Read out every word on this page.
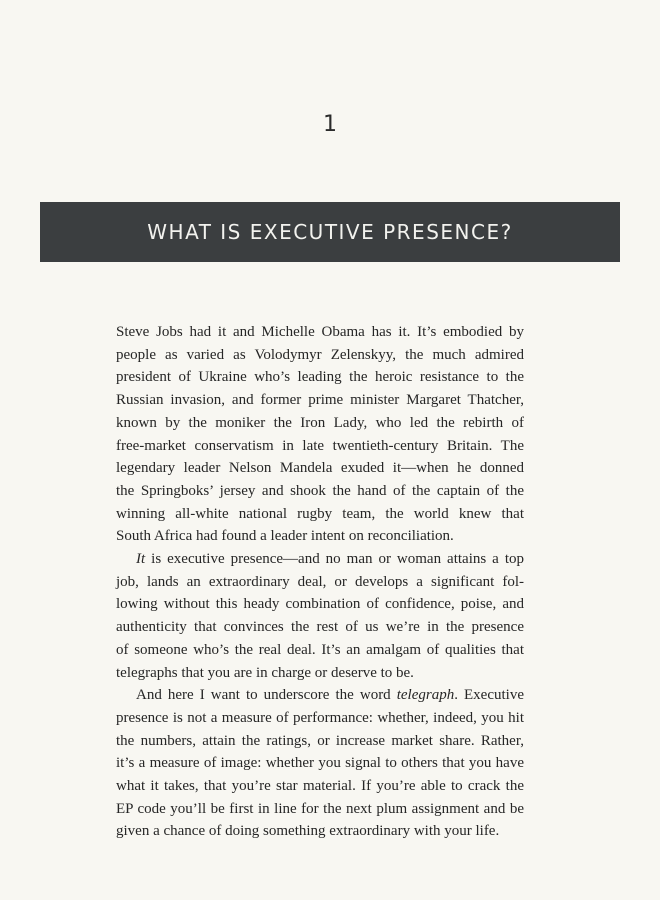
1
WHAT IS EXECUTIVE PRESENCE?

Steve Jobs had it and Michelle Obama has it. It’s embodied by
people as varied as Volodymyr Zelenskyy, the much admired
president of Ukraine who’s leading the heroic resistance to the
Russian invasion, and former prime minister Margaret Thatcher,
known by the moniker the Iron Lady, who led the rebirth of
free-market conservatism in late twentieth-century Britain. The
legendary leader Nelson Mandela exuded it—when he donned
the Springboks’ jersey and shook the hand of the captain of the
winning all-white national rugby team, the world knew that
South Africa had found a leader intent on reconciliation.

It is executive presence—and no man or woman attains a top
job, lands an extraordinary deal, or develops a significant fol-
lowing without this heady combination of confidence, poise, and
authenticity that convinces the rest of us we’re in the presence
of someone who’s the real deal. It’s an amalgam of qualities that
telegraphs that you are in charge or deserve to be.

And here I want to underscore the word telegraph. Executive
presence is not a measure of performance: whether, indeed, you hit
the numbers, attain the ratings, or increase market share. Rather,
it’s a measure of image: whether you signal to others that you have
what it takes, that you’re star material. If you’re able to crack the
EP code you’ll be first in line for the next plum assignment and be
given a chance of doing something extraordinary with your life.
